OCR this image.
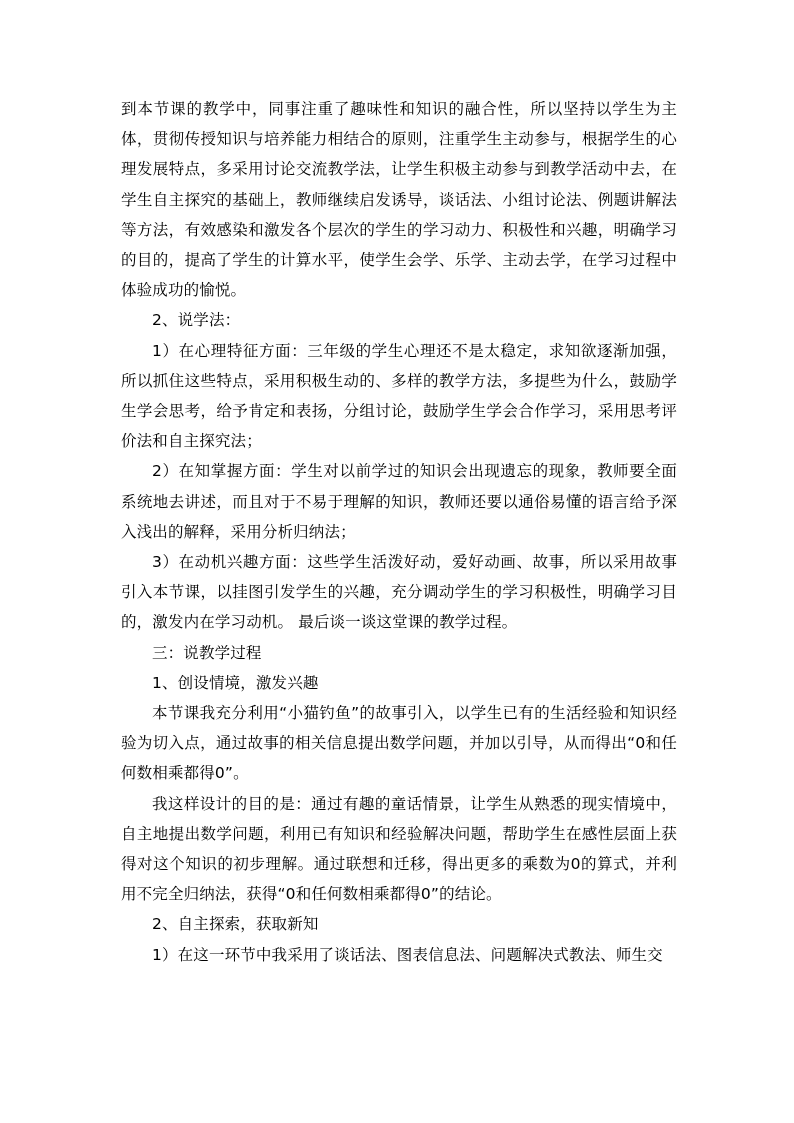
到本节课的教学中，同事注重了趣味性和知识的融合性，所以坚持以学生为主体，贯彻传授知识与培养能力相结合的原则，注重学生主动参与，根据学生的心理发展特点，多采用讨论交流教学法，让学生积极主动参与到教学活动中去，在学生自主探究的基础上，教师继续启发诱导，谈话法、小组讨论法、例题讲解法等方法，有效感染和激发各个层次的学生的学习动力、积极性和兴趣，明确学习的目的，提高了学生的计算水平，使学生会学、乐学、主动去学，在学习过程中体验成功的愉悦。

2、说学法：

1）在心理特征方面：三年级的学生心理还不是太稳定，求知欲逐渐加强，所以抓住这些特点，采用积极生动的、多样的教学方法，多提些为什么，鼓励学生学会思考，给予肯定和表扬，分组讨论，鼓励学生学会合作学习，采用思考评价法和自主探究法；

2）在知掌握方面：学生对以前学过的知识会出现遗忘的现象，教师要全面系统地去讲述，而且对于不易于理解的知识，教师还要以通俗易懂的语言给予深入浅出的解释，采用分析归纳法；

3）在动机兴趣方面：这些学生活泼好动，爱好动画、故事，所以采用故事引入本节课，以挂图引发学生的兴趣，充分调动学生的学习积极性，明确学习目的，激发内在学习动机。 最后谈一谈这堂课的教学过程。

三：说教学过程

1、创设情境，激发兴趣

本节课我充分利用“小猫钓鱼”的故事引入，以学生已有的生活经验和知识经验为切入点，通过故事的相关信息提出数学问题，并加以引导，从而得出“0和任何数相乘都得0”。

我这样设计的目的是：通过有趣的童话情景，让学生从熟悉的现实情境中，自主地提出数学问题，利用已有知识和经验解决问题，帮助学生在感性层面上获得对这个知识的初步理解。通过联想和迁移，得出更多的乘数为0的算式，并利用不完全归纳法，获得“0和任何数相乘都得0”的结论。

2、自主探索，获取新知

1）在这一环节中我采用了谈话法、图表信息法、问题解决式教法、师生交
